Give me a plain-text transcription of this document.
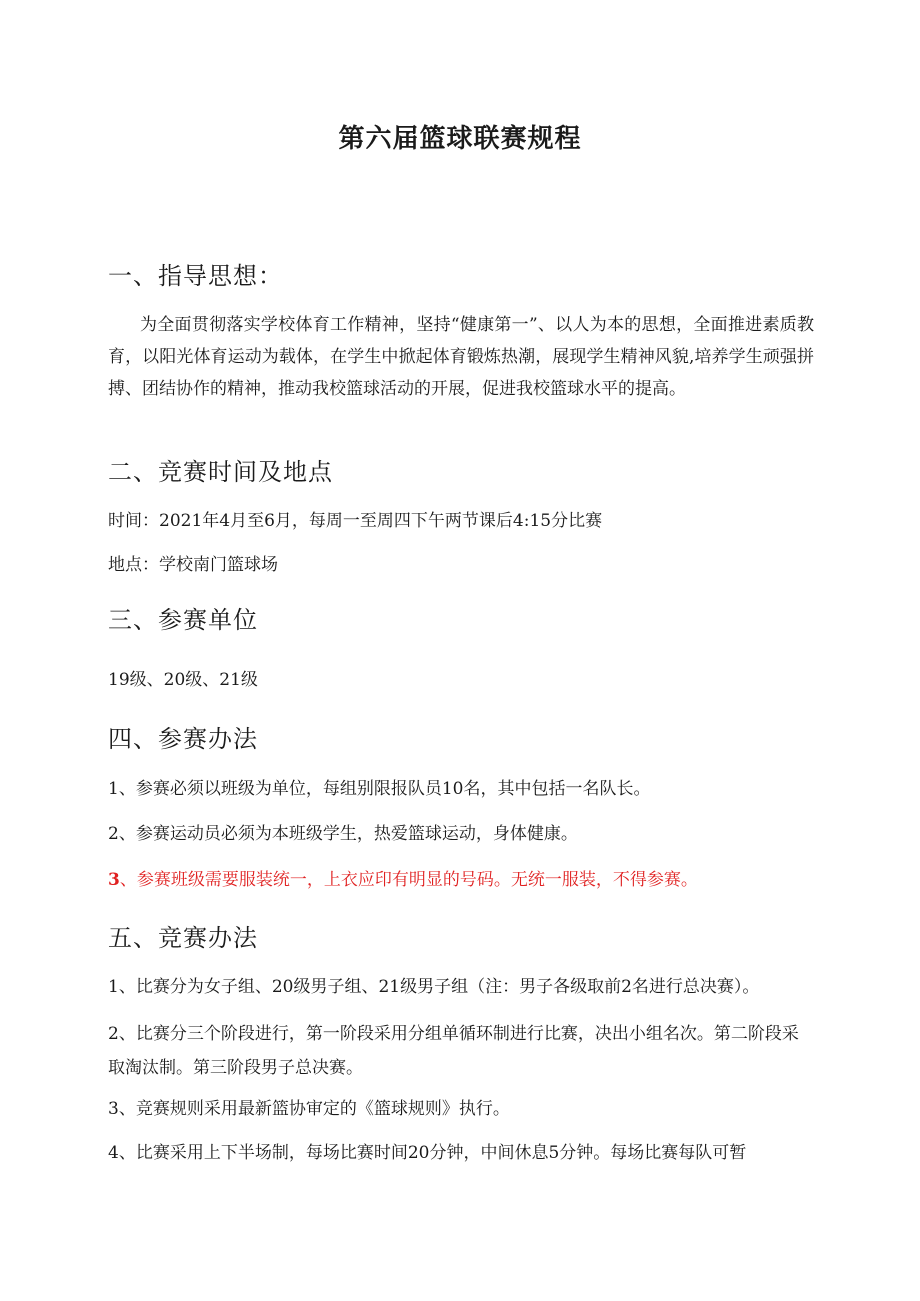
第六届篮球联赛规程
一、指导思想：

为全面贯彻落实学校体育工作精神，坚持“健康第一”、以人为本的思想，全面推进素质教育，以阳光体育运动为载体，在学生中掀起体育锻炼热潮，展现学生精神风貌,培养学生顽强拼搏、团结协作的精神，推动我校篮球活动的开展，促进我校篮球水平的提高。

二、竞赛时间及地点

时间：2021年4月至6月，每周一至周四下午两节课后4:15分比赛

地点：学校南门篮球场

三、参赛单位

19级、20级、21级

四、参赛办法

1、参赛必须以班级为单位，每组别限报队员10名，其中包括一名队长。

2、参赛运动员必须为本班级学生，热爱篮球运动，身体健康。

3、参赛班级需要服装统一，上衣应印有明显的号码。无统一服装，不得参赛。

五、竞赛办法

1、比赛分为女子组、20级男子组、21级男子组（注：男子各级取前2名进行总决赛）。

2、比赛分三个阶段进行，第一阶段采用分组单循环制进行比赛，决出小组名次。第二阶段采取淘汰制。第三阶段男子总决赛。

3、竞赛规则采用最新篮协审定的《篮球规则》执行。

4、比赛采用上下半场制，每场比赛时间20分钟，中间休息5分钟。每场比赛每队可暂
